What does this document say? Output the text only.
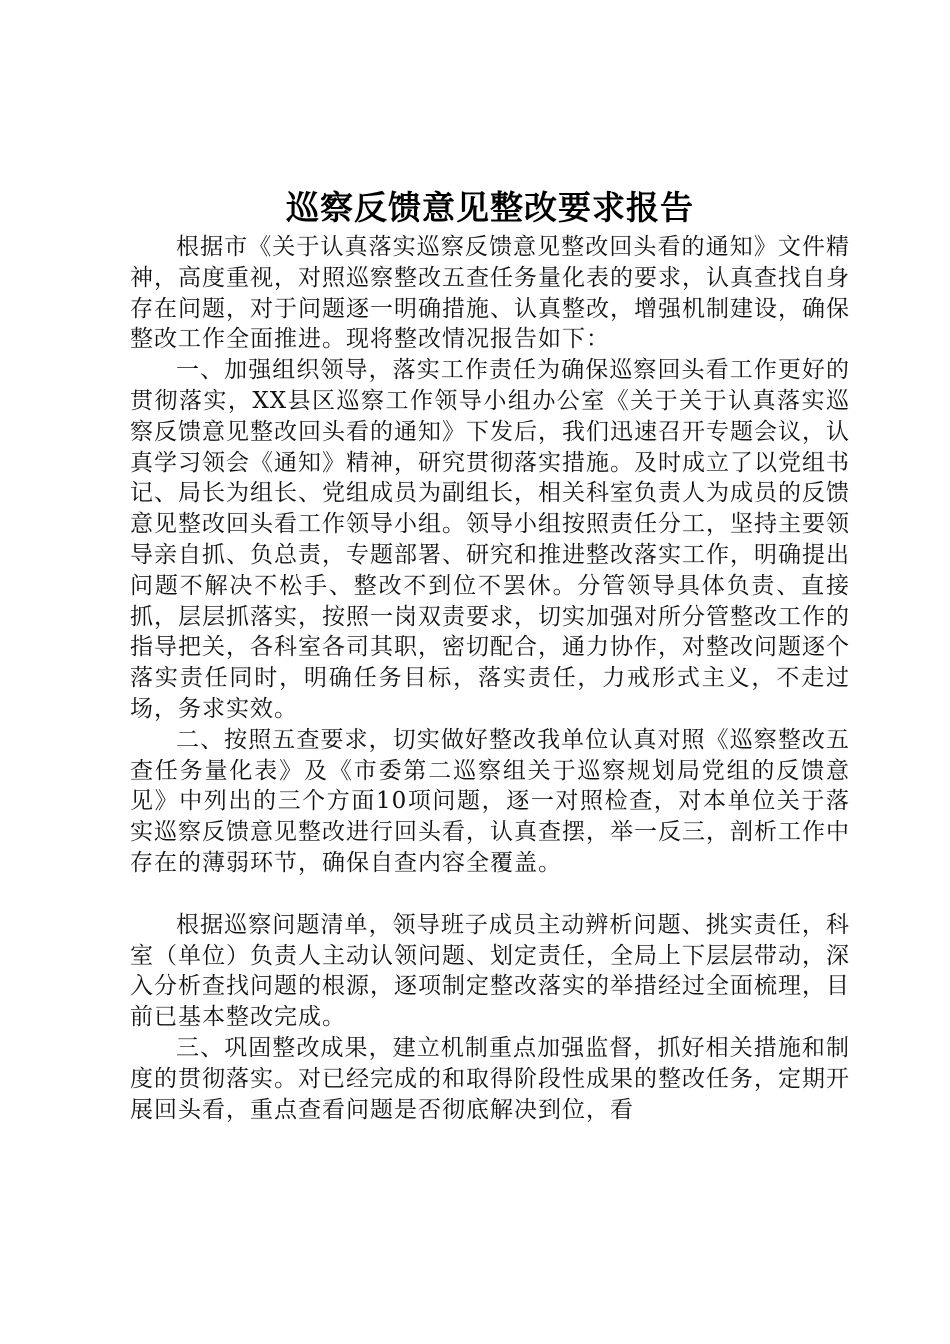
巡察反馈意见整改要求报告

根据市《关于认真落实巡察反馈意见整改回头看的通知》文件精神，高度重视，对照巡察整改五查任务量化表的要求，认真查找自身存在问题，对于问题逐一明确措施、认真整改，增强机制建设，确保整改工作全面推进。现将整改情况报告如下：

一、加强组织领导，落实工作责任为确保巡察回头看工作更好的贯彻落实，XX县区巡察工作领导小组办公室《关于关于认真落实巡察反馈意见整改回头看的通知》下发后，我们迅速召开专题会议，认真学习领会《通知》精神，研究贯彻落实措施。及时成立了以党组书记、局长为组长、党组成员为副组长，相关科室负责人为成员的反馈意见整改回头看工作领导小组。领导小组按照责任分工，坚持主要领导亲自抓、负总责，专题部署、研究和推进整改落实工作，明确提出问题不解决不松手、整改不到位不罢休。分管领导具体负责、直接抓，层层抓落实，按照一岗双责要求，切实加强对所分管整改工作的指导把关，各科室各司其职，密切配合，通力协作，对整改问题逐个落实责任同时，明确任务目标，落实责任，力戒形式主义，不走过场，务求实效。

二、按照五查要求，切实做好整改我单位认真对照《巡察整改五查任务量化表》及《市委第二巡察组关于巡察规划局党组的反馈意见》中列出的三个方面10项问题，逐一对照检查，对本单位关于落实巡察反馈意见整改进行回头看，认真查摆，举一反三，剖析工作中存在的薄弱环节，确保自查内容全覆盖。

根据巡察问题清单，领导班子成员主动辨析问题、挑实责任，科室（单位）负责人主动认领问题、划定责任，全局上下层层带动，深入分析查找问题的根源，逐项制定整改落实的举措经过全面梳理，目前已基本整改完成。

三、巩固整改成果，建立机制重点加强监督，抓好相关措施和制度的贯彻落实。对已经完成的和取得阶段性成果的整改任务，定期开展回头看，重点查看问题是否彻底解决到位，看
